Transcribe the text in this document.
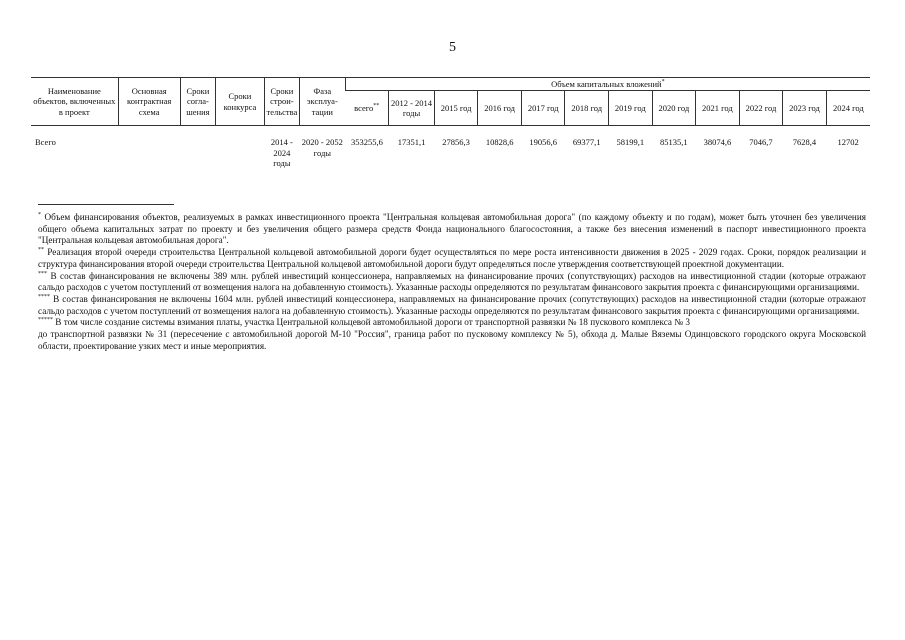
5
Наименование объектов, включенных в проект	Основная контрактная схема	Сроки согла-шения	Сроки конкурса	Сроки строи-тельства	Фаза эксплуа-тации	Объем капитальных вложений*
						всего**	2012 - 2014 годы	2015 год	2016 год	2017 год	2018 год	2019 год	2020 год	2021 год	2022 год	2023 год	2024 год
Всего				2014 - 2024 годы	2020 - 2052 годы	353255,6	17351,1	27856,3	10828,6	19056,6	69377,1	58199,1	85135,1	38074,6	7046,7	7628,4	12702

* Объем финансирования объектов, реализуемых в рамках инвестиционного проекта "Центральная кольцевая автомобильная дорога" (по каждому объекту и по годам), может быть уточнен без увеличения общего объема капитальных затрат по проекту и без увеличения общего размера средств Фонда национального благосостояния, а также без внесения изменений в паспорт инвестиционного проекта "Центральная кольцевая автомобильная дорога".

** Реализация второй очереди строительства Центральной кольцевой автомобильной дороги будет осуществляться по мере роста интенсивности движения в 2025 - 2029 годах. Сроки, порядок реализации и структура финансирования второй очереди строительства Центральной кольцевой автомобильной дороги будут определяться после утверждения соответствующей проектной документации.

*** В состав финансирования не включены 389 млн. рублей инвестиций концессионера, направляемых на финансирование прочих (сопутствующих) расходов на инвестиционной стадии (которые отражают сальдо расходов с учетом поступлений от возмещения налога на добавленную стоимость). Указанные расходы определяются по результатам финансового закрытия проекта с финансирующими организациями.

**** В состав финансирования не включены 1604 млн. рублей инвестиций концессионера, направляемых на финансирование прочих (сопутствующих) расходов на инвестиционной стадии (которые отражают сальдо расходов с учетом поступлений от возмещения налога на добавленную стоимость). Указанные расходы определяются по результатам финансового закрытия проекта с финансирующими организациями.

***** В том числе создание системы взимания платы, участка Центральной кольцевой автомобильной дороги от транспортной развязки № 18 пускового комплекса № 3

до транспортной развязки № 31 (пересечение с автомобильной дорогой М-10 "Россия", граница работ по пусковому комплексу № 5), обхода д. Малые Вяземы Одинцовского городского округа Московской области, проектирование узких мест и иные мероприятия.
